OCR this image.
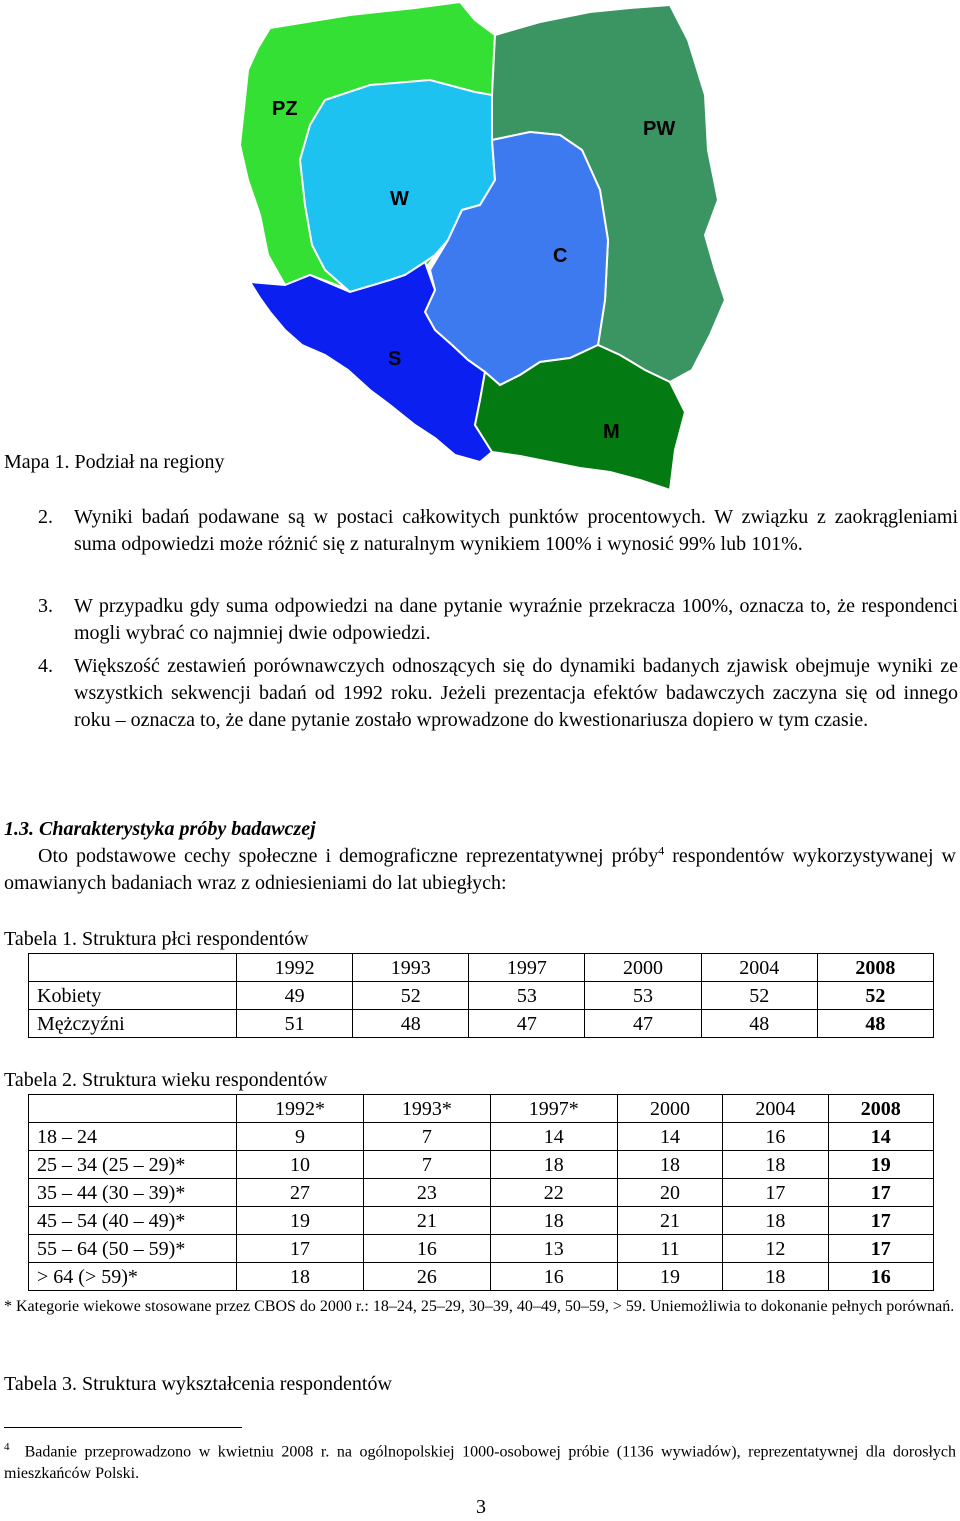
PZ
PW
W
C
S
M
Mapa 1. Podział na regiony
2.	Wyniki badań podawane są w postaci całkowitych punktów procentowych. W związku z zaokrągleniami suma odpowiedzi może różnić się z naturalnym wynikiem 100% i wynosić 99% lub 101%.
3.	W przypadku gdy suma odpowiedzi na dane pytanie wyraźnie przekracza 100%, oznacza to, że respondenci mogli wybrać co najmniej dwie odpowiedzi.
4.	Większość zestawień porównawczych odnoszących się do dynamiki badanych zjawisk obejmuje wyniki ze wszystkich sekwencji badań od 1992 roku. Jeżeli prezentacja efektów badawczych zaczyna się od innego roku – oznacza to, że dane pytanie zostało wprowadzone do kwestionariusza dopiero w tym czasie.
1.3. Charakterystyka próby badawczej
Oto podstawowe cechy społeczne i demograficzne reprezentatywnej próby$^4$ respondentów wykorzystywanej w omawianych badaniach wraz z odniesieniami do lat ubiegłych:
Tabela 1. Struktura płci respondentów
	1992	1993	1997	2000	2004	2008
Kobiety	49	52	53	53	52	52
Mężczyźni	51	48	47	47	48	48
Tabela 2. Struktura wieku respondentów
	1992*	1993*	1997*	2000	2004	2008
18 – 24	9	7	14	14	16	14
25 – 34 (25 – 29)*	10	7	18	18	18	19
35 – 44 (30 – 39)*	27	23	22	20	17	17
45 – 54 (40 – 49)*	19	21	18	21	18	17
55 – 64 (50 – 59)*	17	16	13	11	12	17
> 64 (> 59)*	18	26	16	19	18	16
* Kategorie wiekowe stosowane przez CBOS do 2000 r.: 18–24, 25–29, 30–39, 40–49, 50–59, > 59. Uniemożliwia to dokonanie pełnych porównań.
Tabela 3. Struktura wykształcenia respondentów
$^4$ Badanie przeprowadzono w kwietniu 2008 r. na ogólnopolskiej 1000-osobowej próbie (1136 wywiadów), reprezentatywnej dla dorosłych mieszkańców Polski.
3
